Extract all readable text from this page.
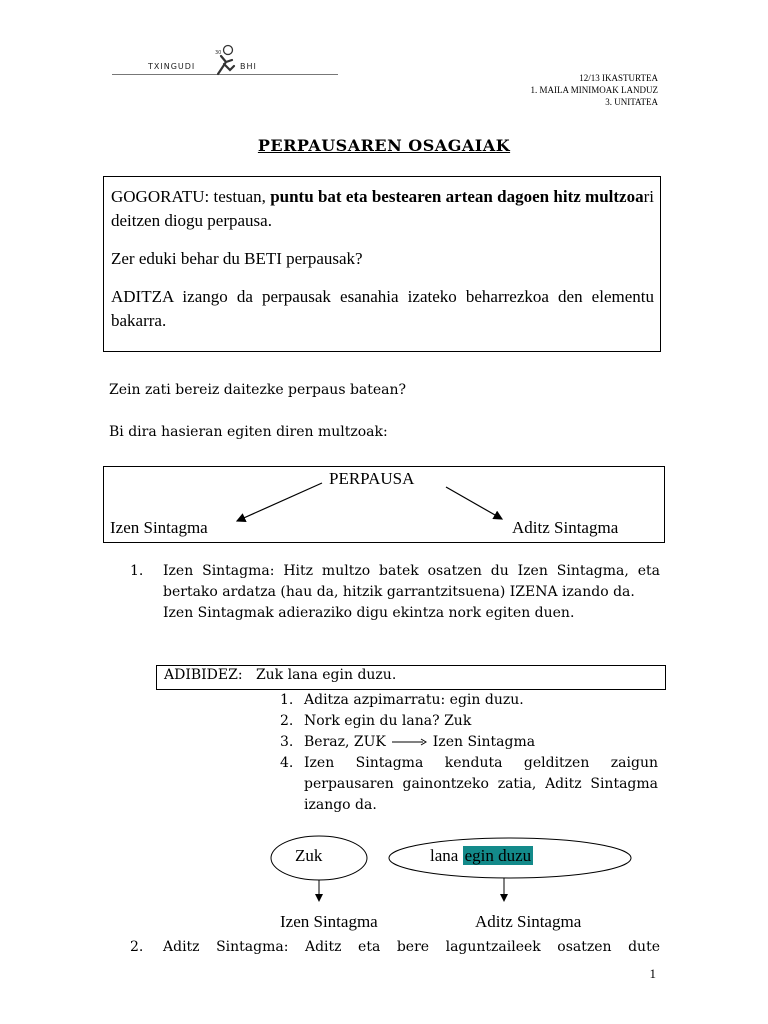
TXINGUDI	BHI
30
12/13 IKASTURTEA
1. MAILA MINIMOAK LANDUZ
3. UNITATEA
PERPAUSAREN OSAGAIAK

GOGORATU: testuan, puntu bat eta bestearen artean dagoen hitz multzoari deitzen diogu perpausa.

Zer eduki behar du BETI perpausak?

ADITZA izango da perpausak esanahia izateko beharrezkoa den elementu bakarra.

Zein zati bereiz daitezke perpaus batean?
Bi dira hasieran egiten diren multzoak:
PERPAUSA
Izen Sintagma	Aditz Sintagma
1. Izen Sintagma: Hitz multzo batek osatzen du Izen Sintagma, eta bertako ardatza (hau da, hitzik garrantzitsuena) IZENA izando da.
Izen Sintagmak adieraziko digu ekintza nork egiten duen.
ADIBIDEZ: Zuk lana egin duzu.
1. Aditza azpimarratu: egin duzu.
2. Nork egin du lana? Zuk
3. Beraz, ZUK	Izen Sintagma
4. Izen Sintagma kenduta gelditzen zaigun perpausaren gainontzeko zatia, Aditz Sintagma izango da.
Zuk	lana egin duzu
Izen Sintagma	Aditz Sintagma
2. Aditz Sintagma: Aditz eta bere laguntzaileek osatzen dute
1
